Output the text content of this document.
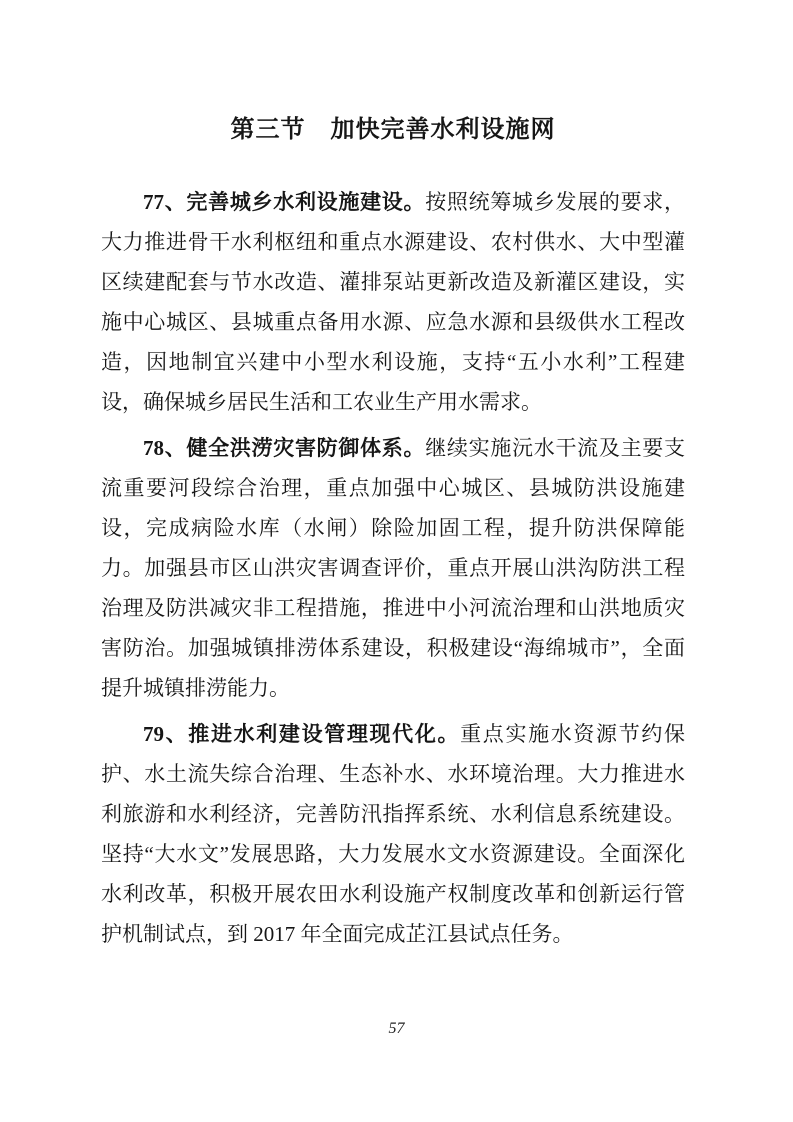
第三节　加快完善水利设施网

77、完善城乡水利设施建设。按照统筹城乡发展的要求，大力推进骨干水利枢纽和重点水源建设、农村供水、大中型灌区续建配套与节水改造、灌排泵站更新改造及新灌区建设，实施中心城区、县城重点备用水源、应急水源和县级供水工程改造，因地制宜兴建中小型水利设施，支持“五小水利”工程建设，确保城乡居民生活和工农业生产用水需求。

78、健全洪涝灾害防御体系。继续实施沅水干流及主要支流重要河段综合治理，重点加强中心城区、县城防洪设施建设，完成病险水库（水闸）除险加固工程，提升防洪保障能力。加强县市区山洪灾害调查评价，重点开展山洪沟防洪工程治理及防洪减灾非工程措施，推进中小河流治理和山洪地质灾害防治。加强城镇排涝体系建设，积极建设“海绵城市”，全面提升城镇排涝能力。

79、推进水利建设管理现代化。重点实施水资源节约保护、水土流失综合治理、生态补水、水环境治理。大力推进水利旅游和水利经济，完善防汛指挥系统、水利信息系统建设。坚持“大水文”发展思路，大力发展水文水资源建设。全面深化水利改革，积极开展农田水利设施产权制度改革和创新运行管护机制试点，到 2017 年全面完成芷江县试点任务。

57
